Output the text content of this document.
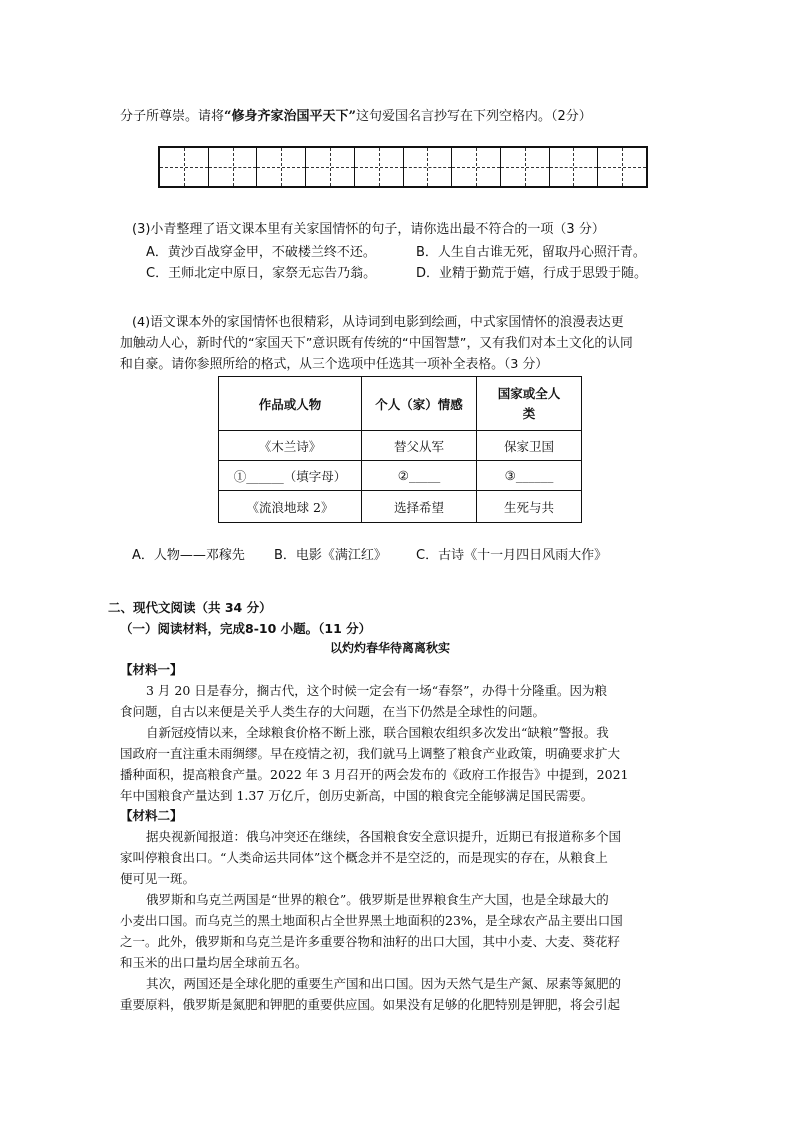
分子所尊崇。请将“修身齐家治国平天下”这句爱国名言抄写在下列空格内。（2分）
(3)小青整理了语文课本里有关家国情怀的句子，请你选出最不符合的一项（3 分）
A．黄沙百战穿金甲，不破楼兰终不还。	B．人生自古谁无死，留取丹心照汗青。
C．王师北定中原日，家祭无忘告乃翁。	D．业精于勤荒于嬉，行成于思毁于随。
(4)语文课本外的家国情怀也很精彩，从诗词到电影到绘画，中式家国情怀的浪漫表达更
加触动人心，新时代的“家国天下”意识既有传统的“中国智慧”，又有我们对本土文化的认同
和自豪。请你参照所给的格式，从三个选项中任选其一项补全表格。（3 分）
作品或人物	个人（家）情感	国家或全人
类
《木兰诗》	替父从军	保家卫国
①______（填字母）	②_____	③______
《流浪地球 2》	选择希望	生死与共
A．人物——邓稼先 B．电影《满江红》 C．古诗《十一月四日风雨大作》
二、现代文阅读（共 34 分）
（一）阅读材料，完成8-10 小题。（11 分）
以灼灼春华待离离秋实
【材料一】
3 月 20 日是春分，搁古代，这个时候一定会有一场“春祭”，办得十分隆重。因为粮
食问题，自古以来便是关乎人类生存的大问题，在当下仍然是全球性的问题。
自新冠疫情以来，全球粮食价格不断上涨，联合国粮农组织多次发出“缺粮”警报。我
国政府一直注重未雨绸缪。早在疫情之初，我们就马上调整了粮食产业政策，明确要求扩大
播种面积，提高粮食产量。2022 年 3 月召开的两会发布的《政府工作报告》中提到，2021
年中国粮食产量达到 1.37 万亿斤，创历史新高，中国的粮食完全能够满足国民需要。
【材料二】
据央视新闻报道：俄乌冲突还在继续，各国粮食安全意识提升，近期已有报道称多个国
家叫停粮食出口。“人类命运共同体”这个概念并不是空泛的，而是现实的存在，从粮食上
便可见一斑。
俄罗斯和乌克兰两国是“世界的粮仓”。俄罗斯是世界粮食生产大国，也是全球最大的
小麦出口国。而乌克兰的黑土地面积占全世界黑土地面积的23%，是全球农产品主要出口国
之一。此外，俄罗斯和乌克兰是许多重要谷物和油籽的出口大国，其中小麦、大麦、葵花籽
和玉米的出口量均居全球前五名。
其次，两国还是全球化肥的重要生产国和出口国。因为天然气是生产氮、尿素等氮肥的
重要原料，俄罗斯是氮肥和钾肥的重要供应国。如果没有足够的化肥特别是钾肥，将会引起
